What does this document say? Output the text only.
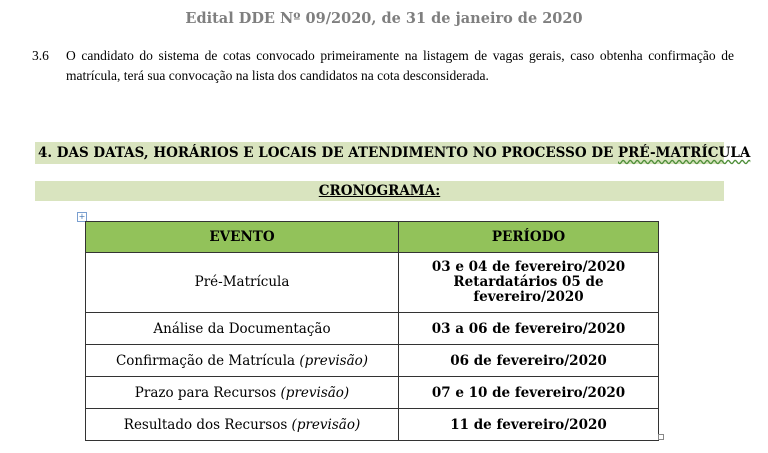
Edital DDE Nº 09/2020, de 31 de janeiro de 2020
3.6	O candidato do sistema de cotas convocado primeiramente na listagem de vagas gerais, caso obtenha confirmação de matrícula, terá sua convocação na lista dos candidatos na cota desconsiderada.
4. DAS DATAS, HORÁRIOS E LOCAIS DE ATENDIMENTO NO PROCESSO DE PRÉ-MATRÍCULA
CRONOGRAMA:
+
EVENTO	PERÍODO
Pré-Matrícula	03 e 04 de fevereiro/2020
Retardatários 05 de
fevereiro/2020

Análise da Documentação	03 a 06 de fevereiro/2020
Confirmação de Matrícula (previsão)	06 de fevereiro/2020
Prazo para Recursos (previsão)	07 e 10 de fevereiro/2020
Resultado dos Recursos (previsão)	11 de fevereiro/2020
